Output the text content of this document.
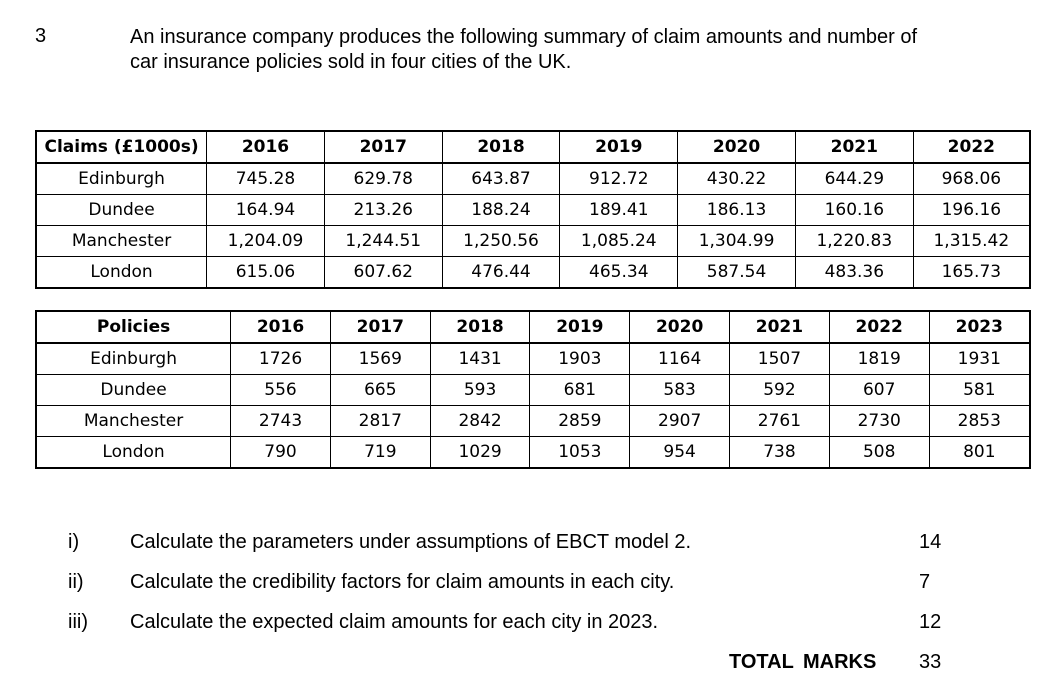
3	An insurance company produces the following summary of claim amounts and number of car insurance policies sold in four cities of the UK.
Claims (£1000s)	2016	2017	2018	2019	2020	2021	2022
Edinburgh	745.28	629.78	643.87	912.72	430.22	644.29	968.06
Dundee	164.94	213.26	188.24	189.41	186.13	160.16	196.16
Manchester	1,204.09	1,244.51	1,250.56	1,085.24	1,304.99	1,220.83	1,315.42
London	615.06	607.62	476.44	465.34	587.54	483.36	165.73
Policies	2016	2017	2018	2019	2020	2021	2022	2023
Edinburgh	1726	1569	1431	1903	1164	1507	1819	1931
Dundee	556	665	593	681	583	592	607	581
Manchester	2743	2817	2842	2859	2907	2761	2730	2853
London	790	719	1029	1053	954	738	508	801
i)	Calculate the parameters under assumptions of EBCT model 2.	14
ii) Calculate the credibility factors for claim amounts in each city.	7
iii) Calculate the expected claim amounts for each city in 2023.	12
TOTAL MARKS 33
